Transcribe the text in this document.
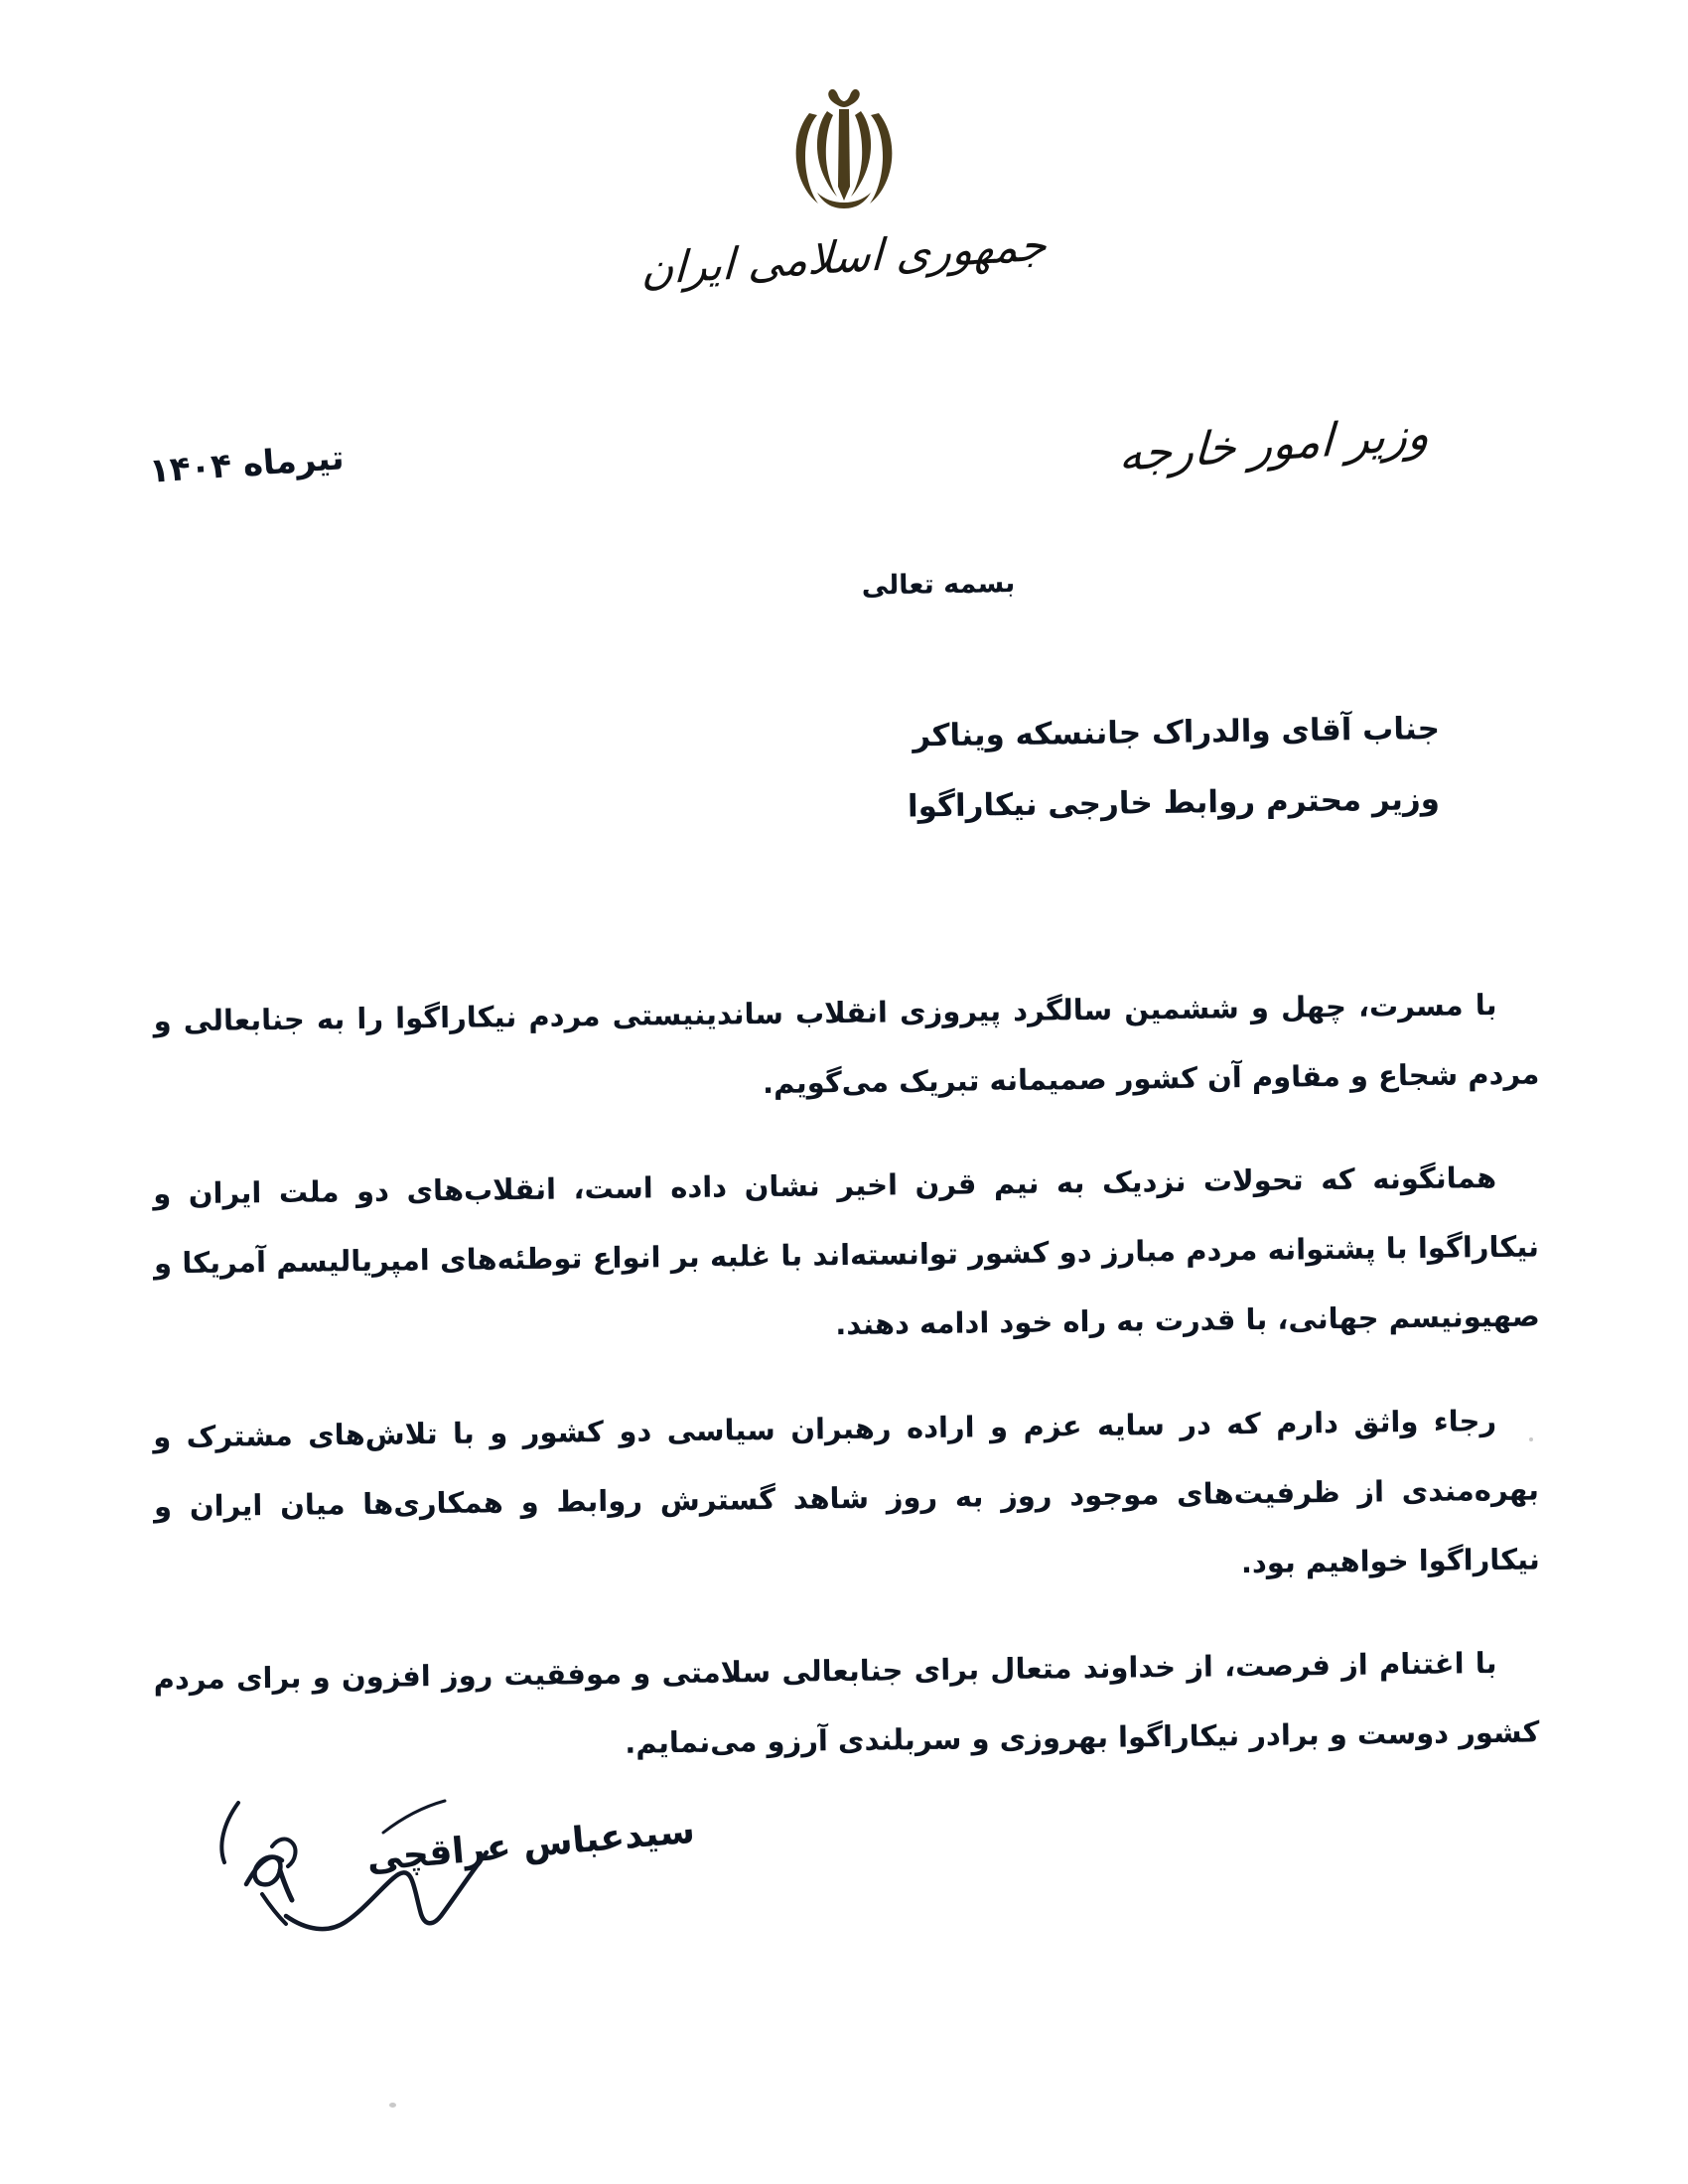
جمهوری اسلامی ایران
وزیر امور خارجه
تیرماه ۱۴۰۴
بسمه تعالی
جناب آقای والدراک جاننسکه ویناکر
وزیر محترم روابط خارجی نیکاراگوا

با مسرت، چهل و ششمین سالگرد پیروزی انقلاب ساندینیستی مردم نیکاراگوا را به جنابعالی و مردم شجاع و مقاوم آن کشور صمیمانه تبریک می‌گویم.

همانگونه که تحولات نزدیک به نیم قرن اخیر نشان داده است، انقلاب‌های دو ملت ایران و نیکاراگوا با پشتوانه مردم مبارز دو کشور توانسته‌اند با غلبه بر انواع توطئه‌های امپریالیسم آمریکا و صهیونیسم جهانی، با قدرت به راه خود ادامه دهند.

رجاء واثق دارم که در سایه عزم و اراده رهبران سیاسی دو کشور و با تلاش‌های مشترک و بهره‌مندی از ظرفیت‌های موجود روز به روز شاهد گسترش روابط و همکاری‌ها میان ایران و نیکاراگوا خواهیم بود.

با اغتنام از فرصت، از خداوند متعال برای جنابعالی سلامتی و موفقیت روز افزون و برای مردم کشور دوست و برادر نیکاراگوا بهروزی و سربلندی آرزو می‌نمایم.

سیدعباس عراقچی
